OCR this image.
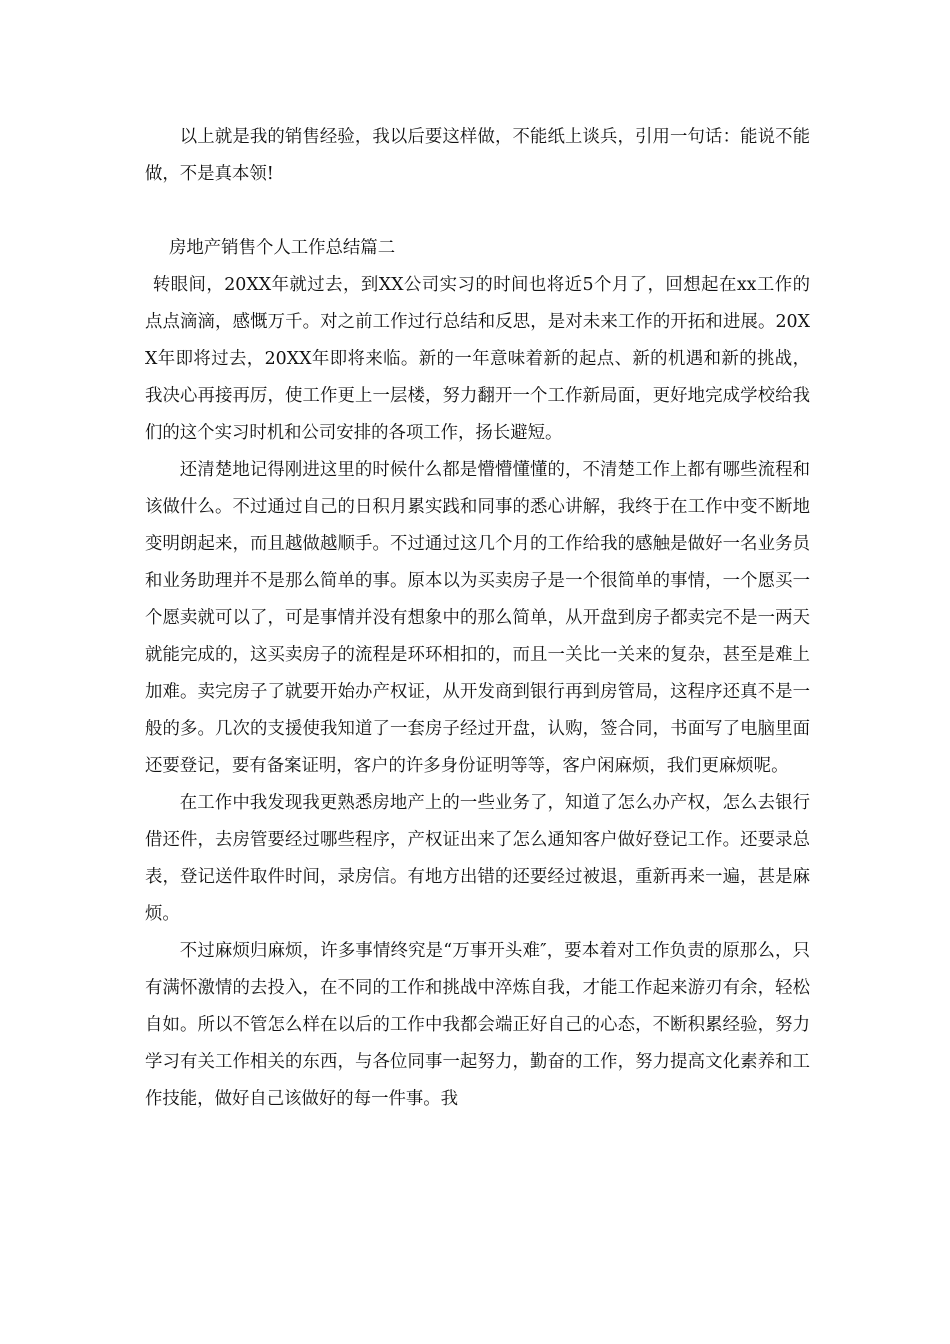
以上就是我的销售经验，我以后要这样做，不能纸上谈兵，引用一句话：能说不能做，不是真本领!

房地产销售个人工作总结篇二

转眼间，20XX年就过去，到XX公司实习的时间也将近5个月了，回想起在xx工作的点点滴滴，感慨万千。对之前工作过行总结和反思，是对未来工作的开拓和进展。20XX年即将过去，20XX年即将来临。新的一年意味着新的起点、新的机遇和新的挑战，我决心再接再厉，使工作更上一层楼，努力翻开一个工作新局面，更好地完成学校给我们的这个实习时机和公司安排的各项工作，扬长避短。

还清楚地记得刚进这里的时候什么都是懵懵懂懂的，不清楚工作上都有哪些流程和该做什么。不过通过自己的日积月累实践和同事的悉心讲解，我终于在工作中变不断地变明朗起来，而且越做越顺手。不过通过这几个月的工作给我的感触是做好一名业务员和业务助理并不是那么简单的事。原本以为买卖房子是一个很简单的事情，一个愿买一个愿卖就可以了，可是事情并没有想象中的那么简单，从开盘到房子都卖完不是一两天就能完成的，这买卖房子的流程是环环相扣的，而且一关比一关来的复杂，甚至是难上加难。卖完房子了就要开始办产权证，从开发商到银行再到房管局，这程序还真不是一般的多。几次的支援使我知道了一套房子经过开盘，认购，签合同，书面写了电脑里面还要登记，要有备案证明，客户的许多身份证明等等，客户闲麻烦，我们更麻烦呢。

在工作中我发现我更熟悉房地产上的一些业务了，知道了怎么办产权，怎么去银行借还件，去房管要经过哪些程序，产权证出来了怎么通知客户做好登记工作。还要录总表，登记送件取件时间，录房信。有地方出错的还要经过被退，重新再来一遍，甚是麻烦。

不过麻烦归麻烦，许多事情终究是“万事开头难″，要本着对工作负责的原那么，只有满怀激情的去投入，在不同的工作和挑战中淬炼自我，才能工作起来游刃有余，轻松自如。所以不管怎么样在以后的工作中我都会端正好自己的心态，不断积累经验，努力学习有关工作相关的东西，与各位同事一起努力，勤奋的工作，努力提高文化素养和工作技能，做好自己该做好的每一件事。我
